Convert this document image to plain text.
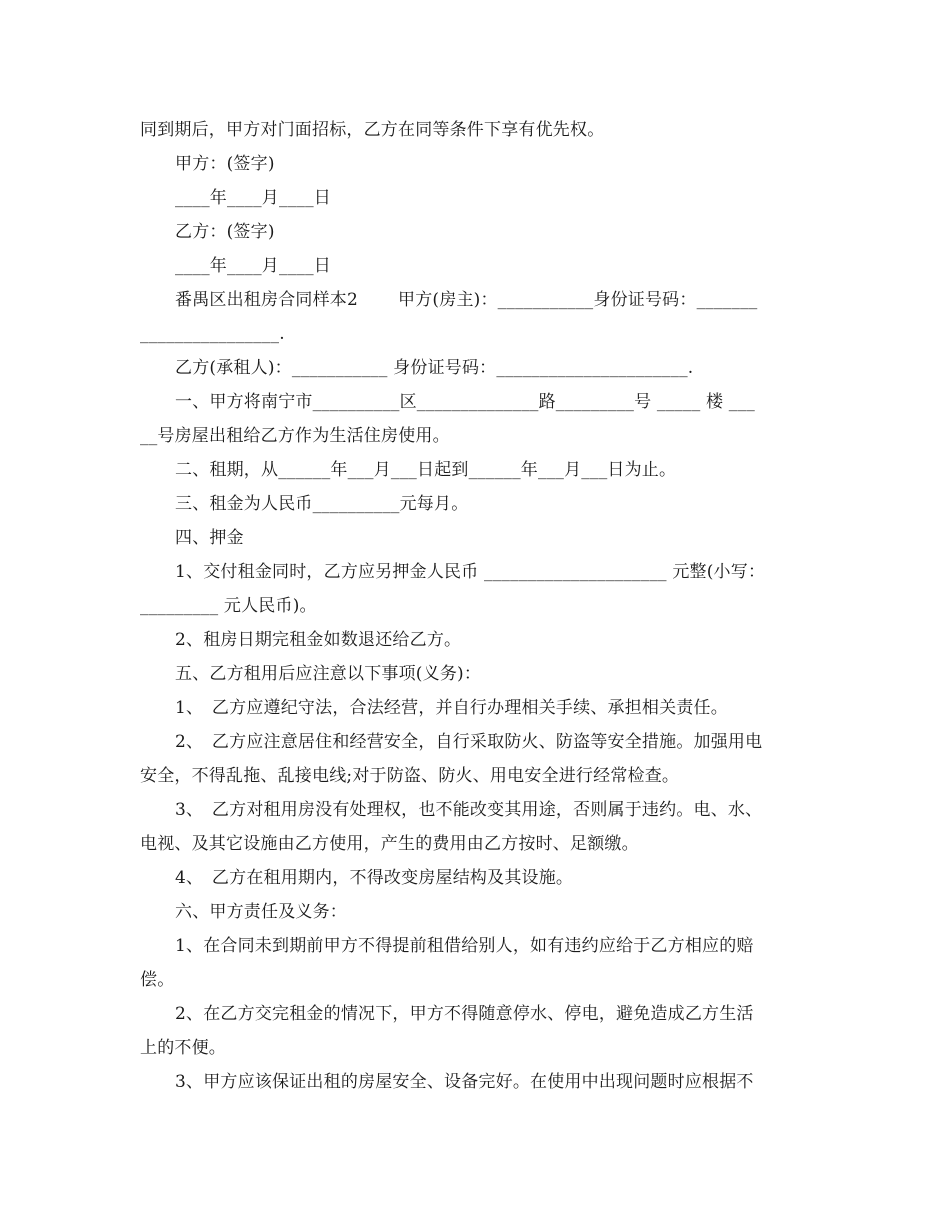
同到期后，甲方对门面招标，乙方在同等条件下享有优先权。
甲方：(签字)
____年____月____日
乙方：(签字)
____年____月____日
番禺区出租房合同样本2　　 甲方(房主)：___________身份证号码：_______
________________.
乙方(承租人)：___________ 身份证号码：______________________.
一、甲方将南宁市__________区______________路_________号 _____ 楼 ___
__号房屋出租给乙方作为生活住房使用。
二、租期，从______年___月___日起到______年___月___日为止。
三、租金为人民币__________元每月。
四、押金
1、交付租金同时，乙方应另押金人民币 _____________________ 元整(小写：
_________ 元人民币)。
2、租房日期完租金如数退还给乙方。
五、乙方租用后应注意以下事项(义务)：
1、　乙方应遵纪守法，合法经营，并自行办理相关手续、承担相关责任。
2、　乙方应注意居住和经营安全，自行采取防火、防盗等安全措施。加强用电
安全，不得乱拖、乱接电线;对于防盗、防火、用电安全进行经常检查。
3、　乙方对租用房没有处理权，也不能改变其用途，否则属于违约。电、水、
电视、及其它设施由乙方使用，产生的费用由乙方按时、足额缴。
4、　乙方在租用期内，不得改变房屋结构及其设施。
六、甲方责任及义务：
1、在合同未到期前甲方不得提前租借给别人，如有违约应给于乙方相应的赔
偿。
2、在乙方交完租金的情况下，甲方不得随意停水、停电，避免造成乙方生活
上的不便。
3、甲方应该保证出租的房屋安全、设备完好。在使用中出现问题时应根据不
